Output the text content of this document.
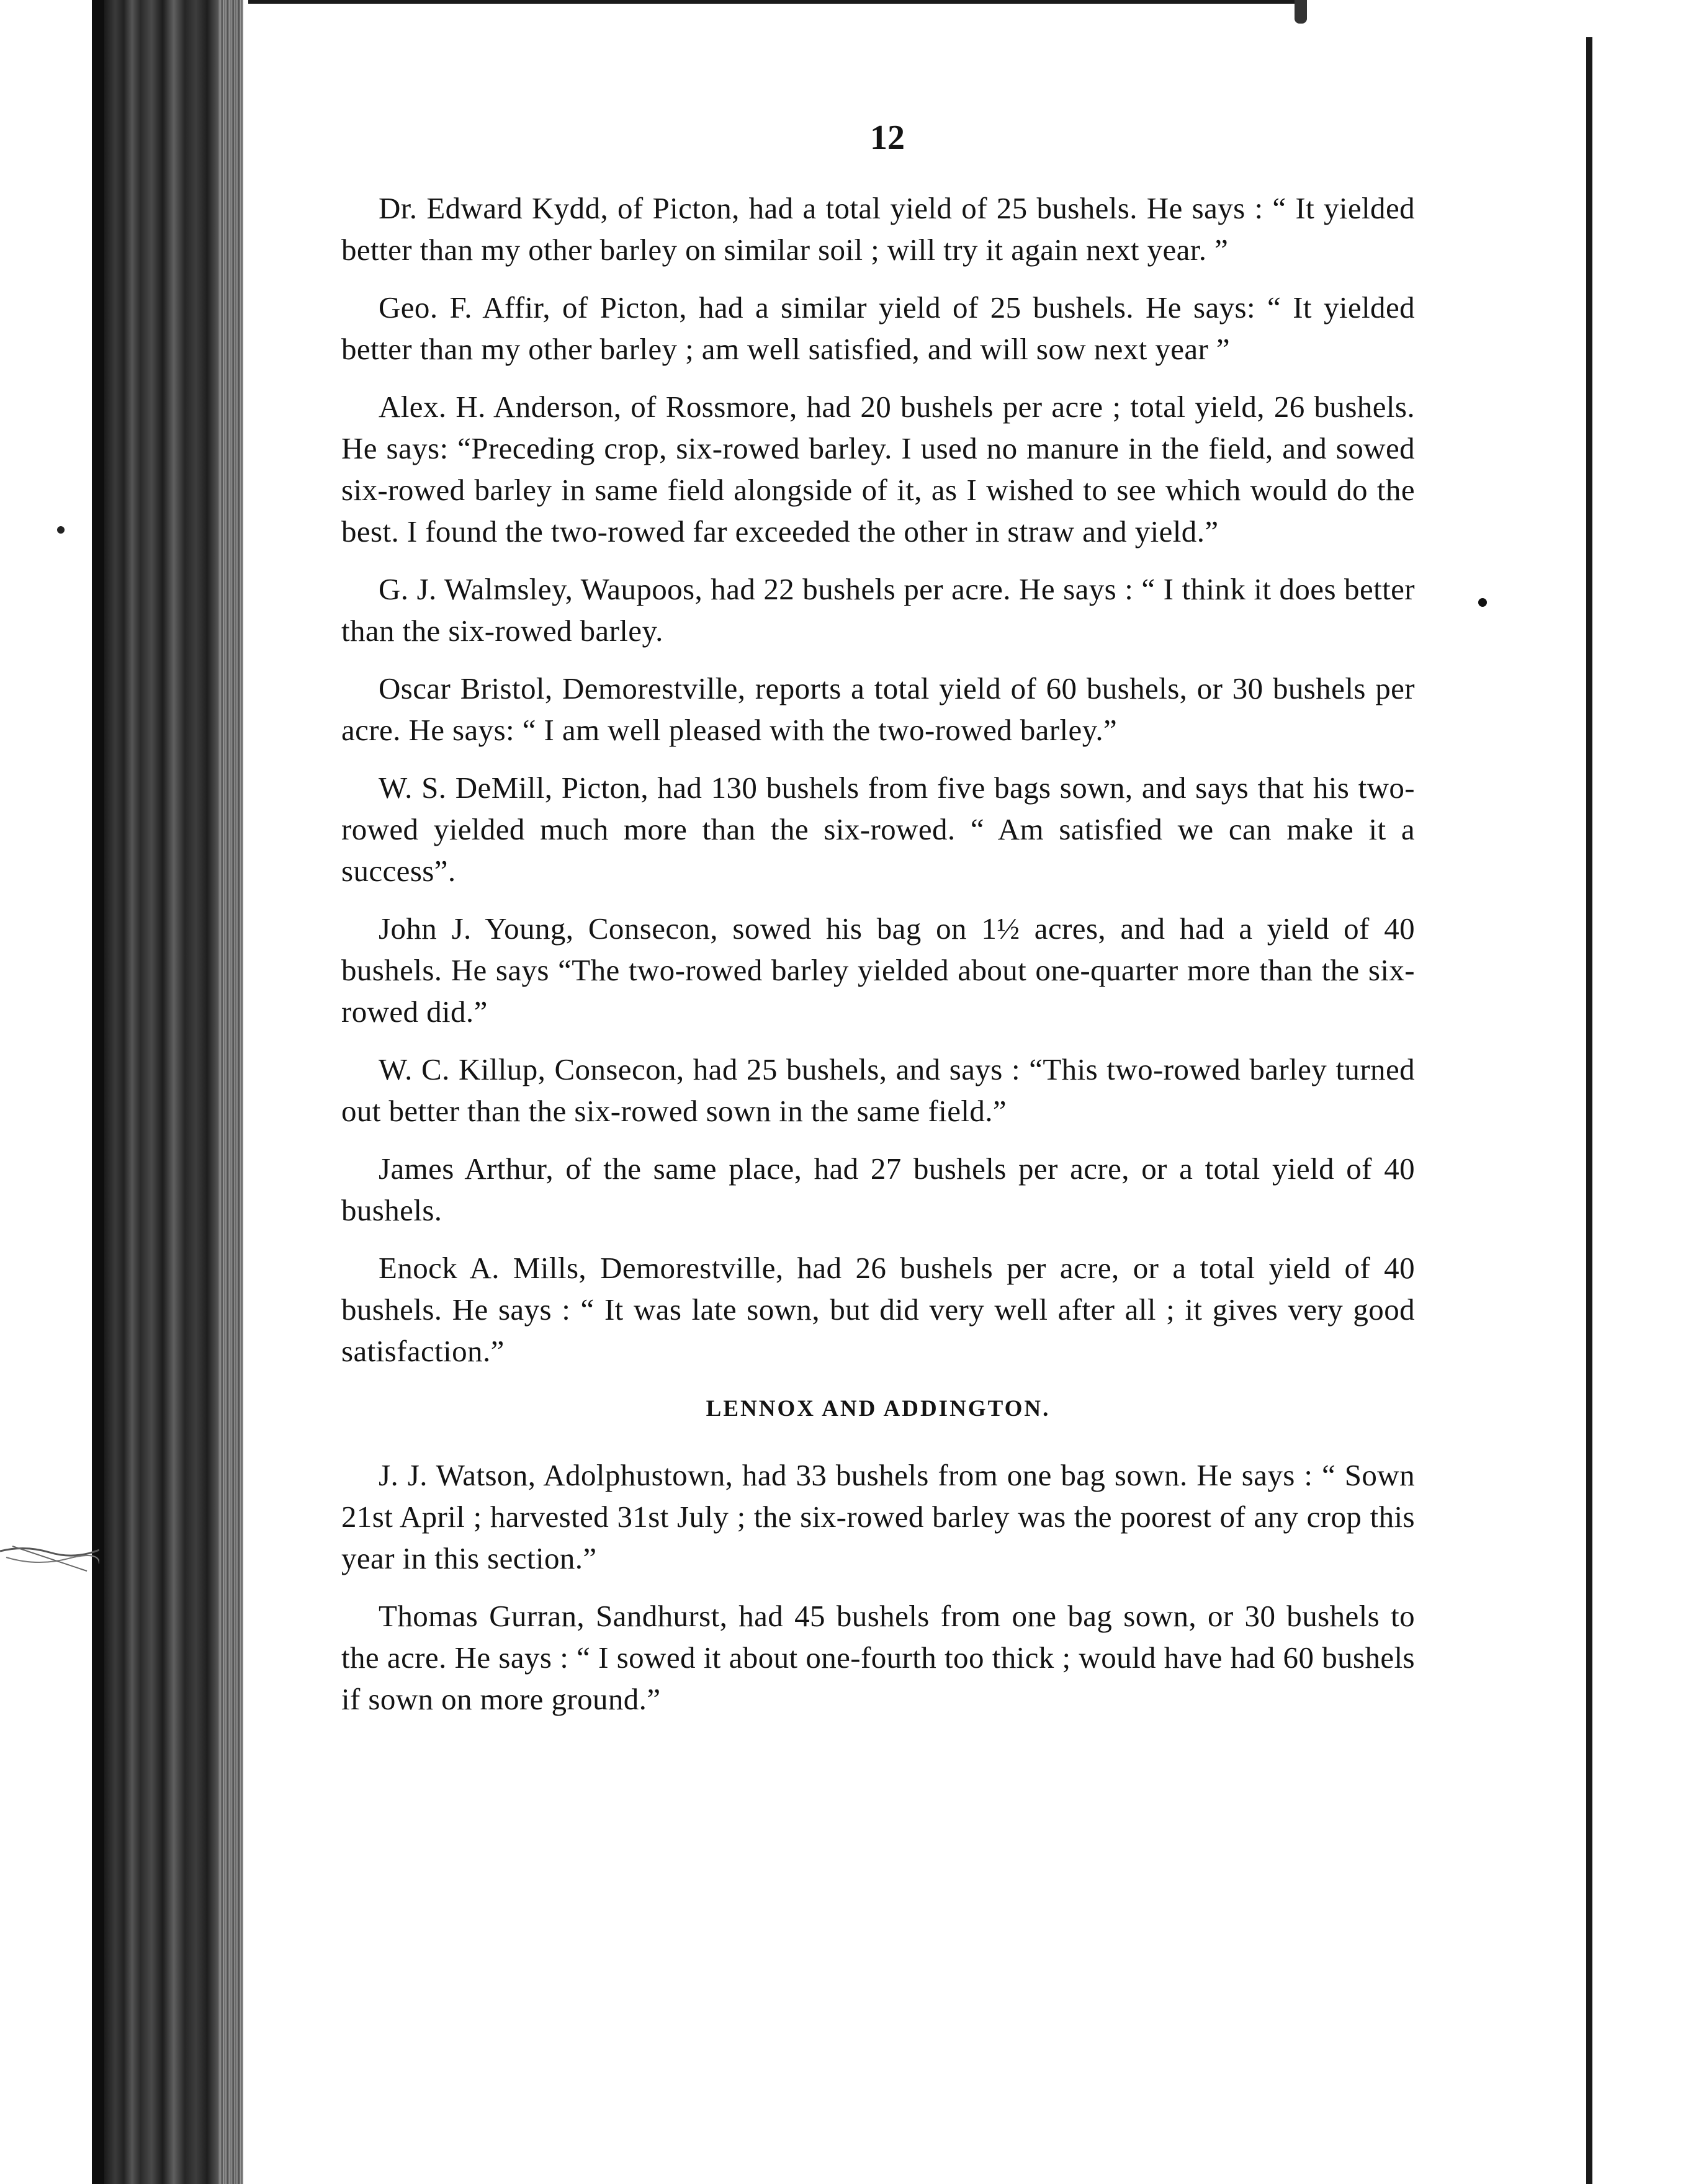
12

Dr. Edward Kydd, of Picton, had a total yield of 25 bushels. He says : “ It yielded better than my other barley on similar soil ; will try it again next year. ”

Geo. F. Affir, of Picton, had a similar yield of 25 bushels. He says: “ It yielded better than my other barley ; am well satisfied, and will sow next year ”

Alex. H. Anderson, of Rossmore, had 20 bushels per acre ; total yield, 26 bushels. He says: “Preceding crop, six-rowed barley. I used no manure in the field, and sowed six-rowed barley in same field alongside of it, as I wished to see which would do the best. I found the two-rowed far exceeded the other in straw and yield.”

G. J. Walmsley, Waupoos, had 22 bushels per acre. He says : “ I think it does better than the six-rowed barley.

Oscar Bristol, Demorestville, reports a total yield of 60 bushels, or 30 bushels per acre. He says: “ I am well pleased with the two-rowed barley.”

W. S. DeMill, Picton, had 130 bushels from five bags sown, and says that his two-rowed yielded much more than the six-rowed. “ Am satisfied we can make it a success”.

John J. Young, Consecon, sowed his bag on 1½ acres, and had a yield of 40 bushels. He says “The two-rowed barley yielded about one-quarter more than the six-rowed did.”

W. C. Killup, Consecon, had 25 bushels, and says : “This two-rowed barley turned out better than the six-rowed sown in the same field.”

James Arthur, of the same place, had 27 bushels per acre, or a total yield of 40 bushels.

Enock A. Mills, Demorestville, had 26 bushels per acre, or a total yield of 40 bushels. He says : “ It was late sown, but did very well after all ; it gives very good satisfaction.”

LENNOX AND ADDINGTON.

J. J. Watson, Adolphustown, had 33 bushels from one bag sown. He says : “ Sown 21st April ; harvested 31st July ; the six-rowed barley was the poorest of any crop this year in this section.”

Thomas Gurran, Sandhurst, had 45 bushels from one bag sown, or 30 bushels to the acre. He says : “ I sowed it about one-fourth too thick ; would have had 60 bushels if sown on more ground.”
